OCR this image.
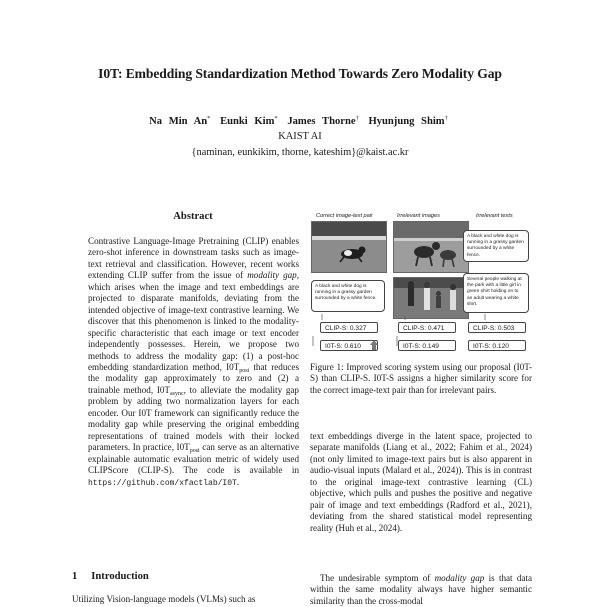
I0T: Embedding Standardization Method Towards Zero Modality Gap
Na Min An* Eunki Kim* James Thorne† Hyunjung Shim†
KAIST AI
{naminan, eunkikim, thorne, kateshim}@kaist.ac.kr
Abstract

Contrastive Language-Image Pretraining (CLIP) enables zero-shot inference in downstream tasks such as image-text retrieval and classification. However, recent works extending CLIP suffer from the issue of modality gap, which arises when the image and text embeddings are projected to disparate manifolds, deviating from the intended objective of image-text contrastive learning. We discover that this phenomenon is linked to the modality-specific characteristic that each image or text encoder independently possesses. Herein, we propose two methods to address the modality gap: (1) a post-hoc embedding standardization method, $I0T_{post}$ that reduces the modality gap approximately to zero and (2) a trainable method, $I0T_{async}$, to alleviate the modality gap problem by adding two normalization layers for each encoder. Our I0T framework can significantly reduce the modality gap while preserving the original embedding representations of trained models with their locked parameters. In practice, $I0T_{post}$ can serve as an alternative explainable automatic evaluation metric of widely used CLIPScore (CLIP-S). The code is available in https://github.com/xfactlab/I0T.

1 Introduction
Utilizing Vision-language models (VLMs) such as
Correct image-text pair	Irrelevant images	Irrelevant texts
A black and white dog is running in a grassy garden surrounded by a white fence.
A black and white dog is running in a grassy garden surrounded by a white fence.
Several people walking at the park with a little girl in green shirt holding on to an adult wearing a white shirt.
CLIP-S: 0.327	CLIP-S: 0.471	CLIP-S: 0.503
I0T-S: 0.610	I0T-S: 0.149	I0T-S: 0.120

Figure 1: Improved scoring system using our proposal (I0T-S) than CLIP-S. I0T-S assigns a higher similarity score for the correct image-text pair than for irrelevant pairs.

text embeddings diverge in the latent space, projected to separate manifolds (Liang et al., 2022; Fahim et al., 2024) (not only limited to image-text pairs but is also apparent in audio-visual inputs (Malard et al., 2024)). This is in contrast to the original image-text contrastive learning (CL) objective, which pulls and pushes the positive and negative pair of image and text embeddings (Radford et al., 2021), deviating from the shared statistical model representing reality (Huh et al., 2024).

The undesirable symptom of modality gap is that data within the same modality always have higher semantic similarity than the cross-modal
